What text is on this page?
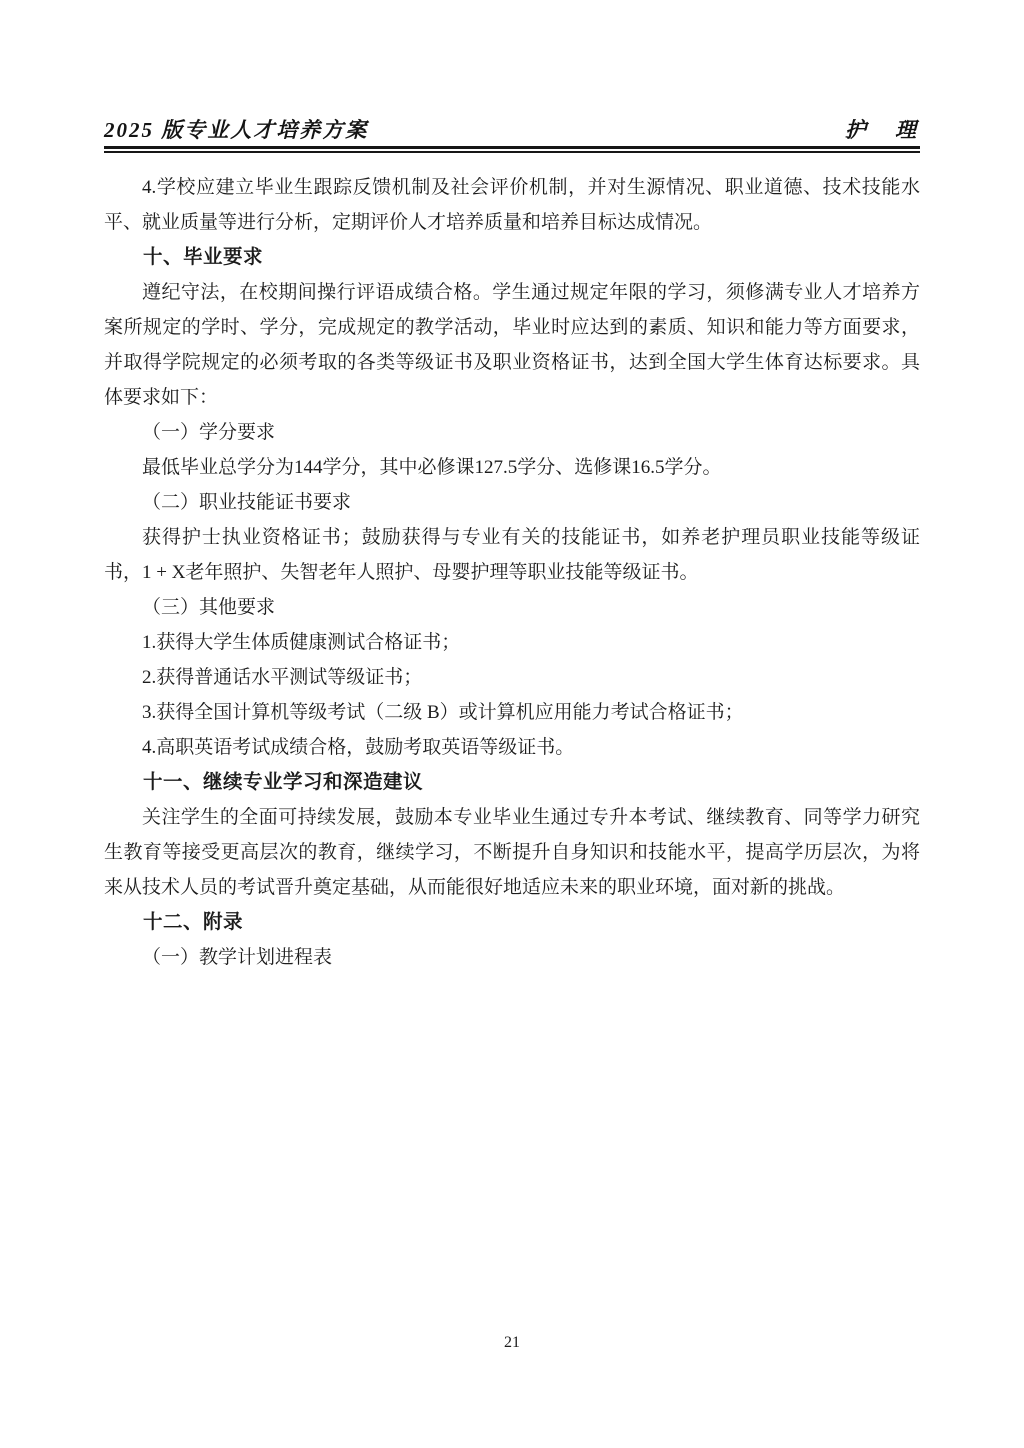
2025 版专业人才培养方案	护　理

4.学校应建立毕业生跟踪反馈机制及社会评价机制，并对生源情况、职业道德、技术技能水平、就业质量等进行分析，定期评价人才培养质量和培养目标达成情况。

十、毕业要求

遵纪守法，在校期间操行评语成绩合格。学生通过规定年限的学习，须修满专业人才培养方案所规定的学时、学分，完成规定的教学活动，毕业时应达到的素质、知识和能力等方面要求，并取得学院规定的必须考取的各类等级证书及职业资格证书，达到全国大学生体育达标要求。具体要求如下：

（一）学分要求

最低毕业总学分为144学分，其中必修课127.5学分、选修课16.5学分。

（二）职业技能证书要求

获得护士执业资格证书；鼓励获得与专业有关的技能证书，如养老护理员职业技能等级证书，1 + X老年照护、失智老年人照护、母婴护理等职业技能等级证书。

（三）其他要求

1.获得大学生体质健康测试合格证书；

2.获得普通话水平测试等级证书；

3.获得全国计算机等级考试（二级 B）或计算机应用能力考试合格证书；

4.高职英语考试成绩合格，鼓励考取英语等级证书。

十一、继续专业学习和深造建议

关注学生的全面可持续发展，鼓励本专业毕业生通过专升本考试、继续教育、同等学力研究生教育等接受更高层次的教育，继续学习，不断提升自身知识和技能水平，提高学历层次，为将来从技术人员的考试晋升奠定基础，从而能很好地适应未来的职业环境，面对新的挑战。

十二、附录

（一）教学计划进程表

21
